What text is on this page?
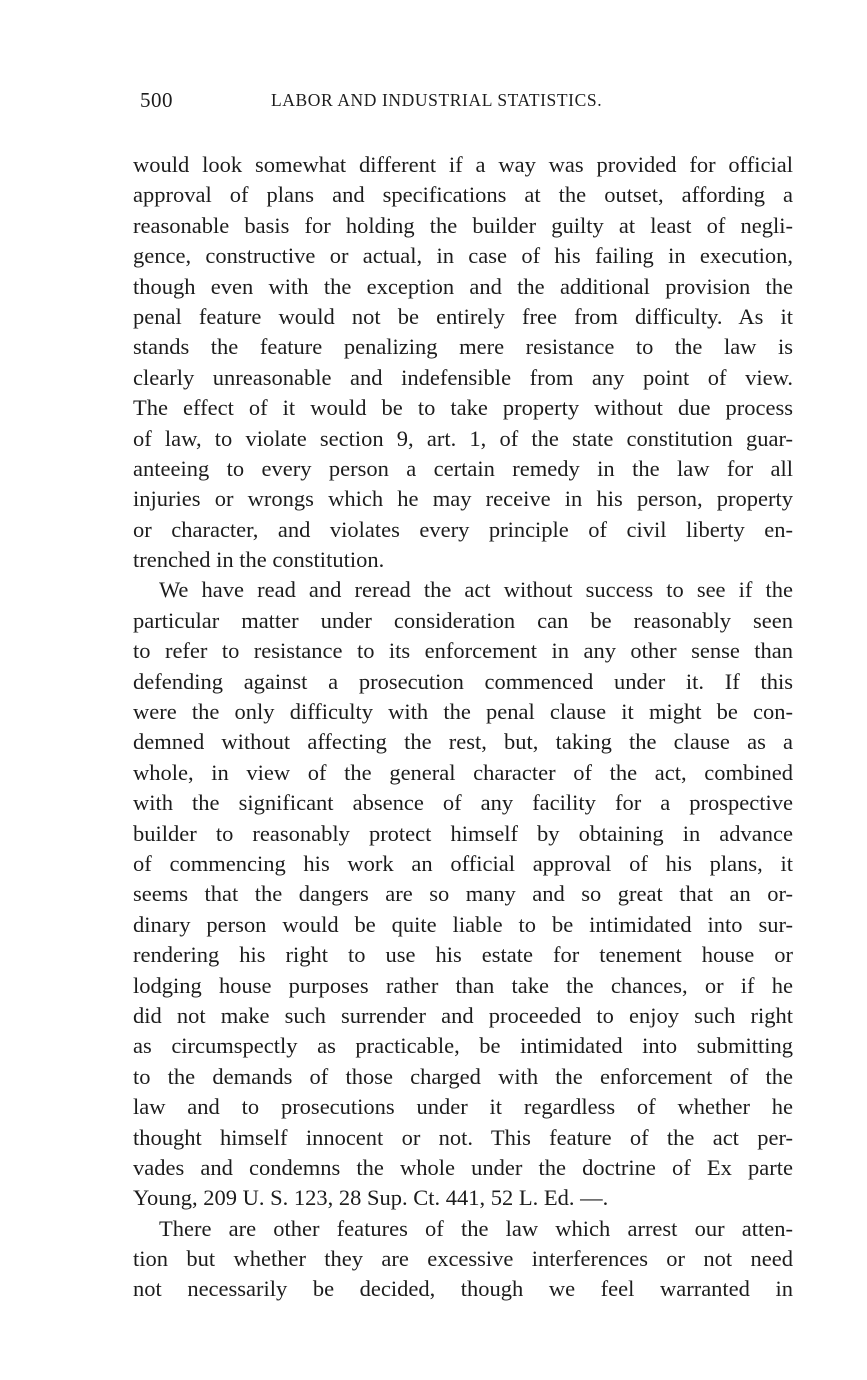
500	LABOR AND INDUSTRIAL STATISTICS.
would look somewhat different if a way was provided for official
approval of plans and specifications at the outset, affording a
reasonable basis for holding the builder guilty at least of negli-
gence, constructive or actual, in case of his failing in execution,
though even with the exception and the additional provision the
penal feature would not be entirely free from difficulty. As it
stands the feature penalizing mere resistance to the law is
clearly unreasonable and indefensible from any point of view.
The effect of it would be to take property without due process
of law, to violate section 9, art. 1, of the state constitution guar-
anteeing to every person a certain remedy in the law for all
injuries or wrongs which he may receive in his person, property
or character, and violates every principle of civil liberty en-
trenched in the constitution.
We have read and reread the act without success to see if the
particular matter under consideration can be reasonably seen
to refer to resistance to its enforcement in any other sense than
defending against a prosecution commenced under it. If this
were the only difficulty with the penal clause it might be con-
demned without affecting the rest, but, taking the clause as a
whole, in view of the general character of the act, combined
with the significant absence of any facility for a prospective
builder to reasonably protect himself by obtaining in advance
of commencing his work an official approval of his plans, it
seems that the dangers are so many and so great that an or-
dinary person would be quite liable to be intimidated into sur-
rendering his right to use his estate for tenement house or
lodging house purposes rather than take the chances, or if he
did not make such surrender and proceeded to enjoy such right
as circumspectly as practicable, be intimidated into submitting
to the demands of those charged with the enforcement of the
law and to prosecutions under it regardless of whether he
thought himself innocent or not. This feature of the act per-
vades and condemns the whole under the doctrine of Ex parte
Young, 209 U. S. 123, 28 Sup. Ct. 441, 52 L. Ed. —.
There are other features of the law which arrest our atten-
tion but whether they are excessive interferences or not need
not necessarily be decided, though we feel warranted in
